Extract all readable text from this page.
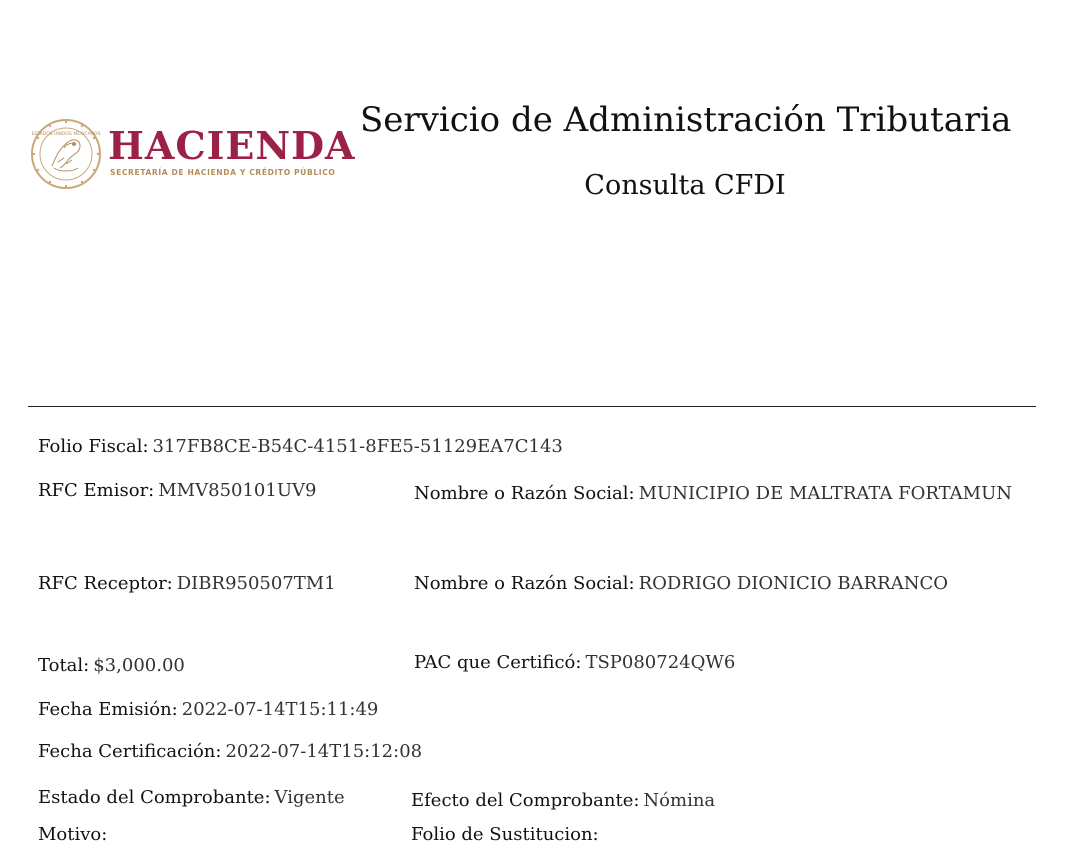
ESTADOS UNIDOS MEXICANOS HACIENDA
SECRETARÍA DE HACIENDA Y CRÉDITO PÚBLICO
Servicio de Administración Tributaria
Consulta CFDI
Folio Fiscal: 317FB8CE-B54C-4151-8FE5-51129EA7C143
RFC Emisor: MMV850101UV9	Nombre o Razón Social: MUNICIPIO DE MALTRATA FORTAMUN
RFC Receptor: DIBR950507TM1	Nombre o Razón Social: RODRIGO DIONICIO BARRANCO
Total: $3,000.00	PAC que Certificó: TSP080724QW6
Fecha Emisión: 2022-07-14T15:11:49
Fecha Certificación: 2022-07-14T15:12:08
Estado del Comprobante: Vigente	Efecto del Comprobante: Nómina
Motivo:	Folio de Sustitucion:
